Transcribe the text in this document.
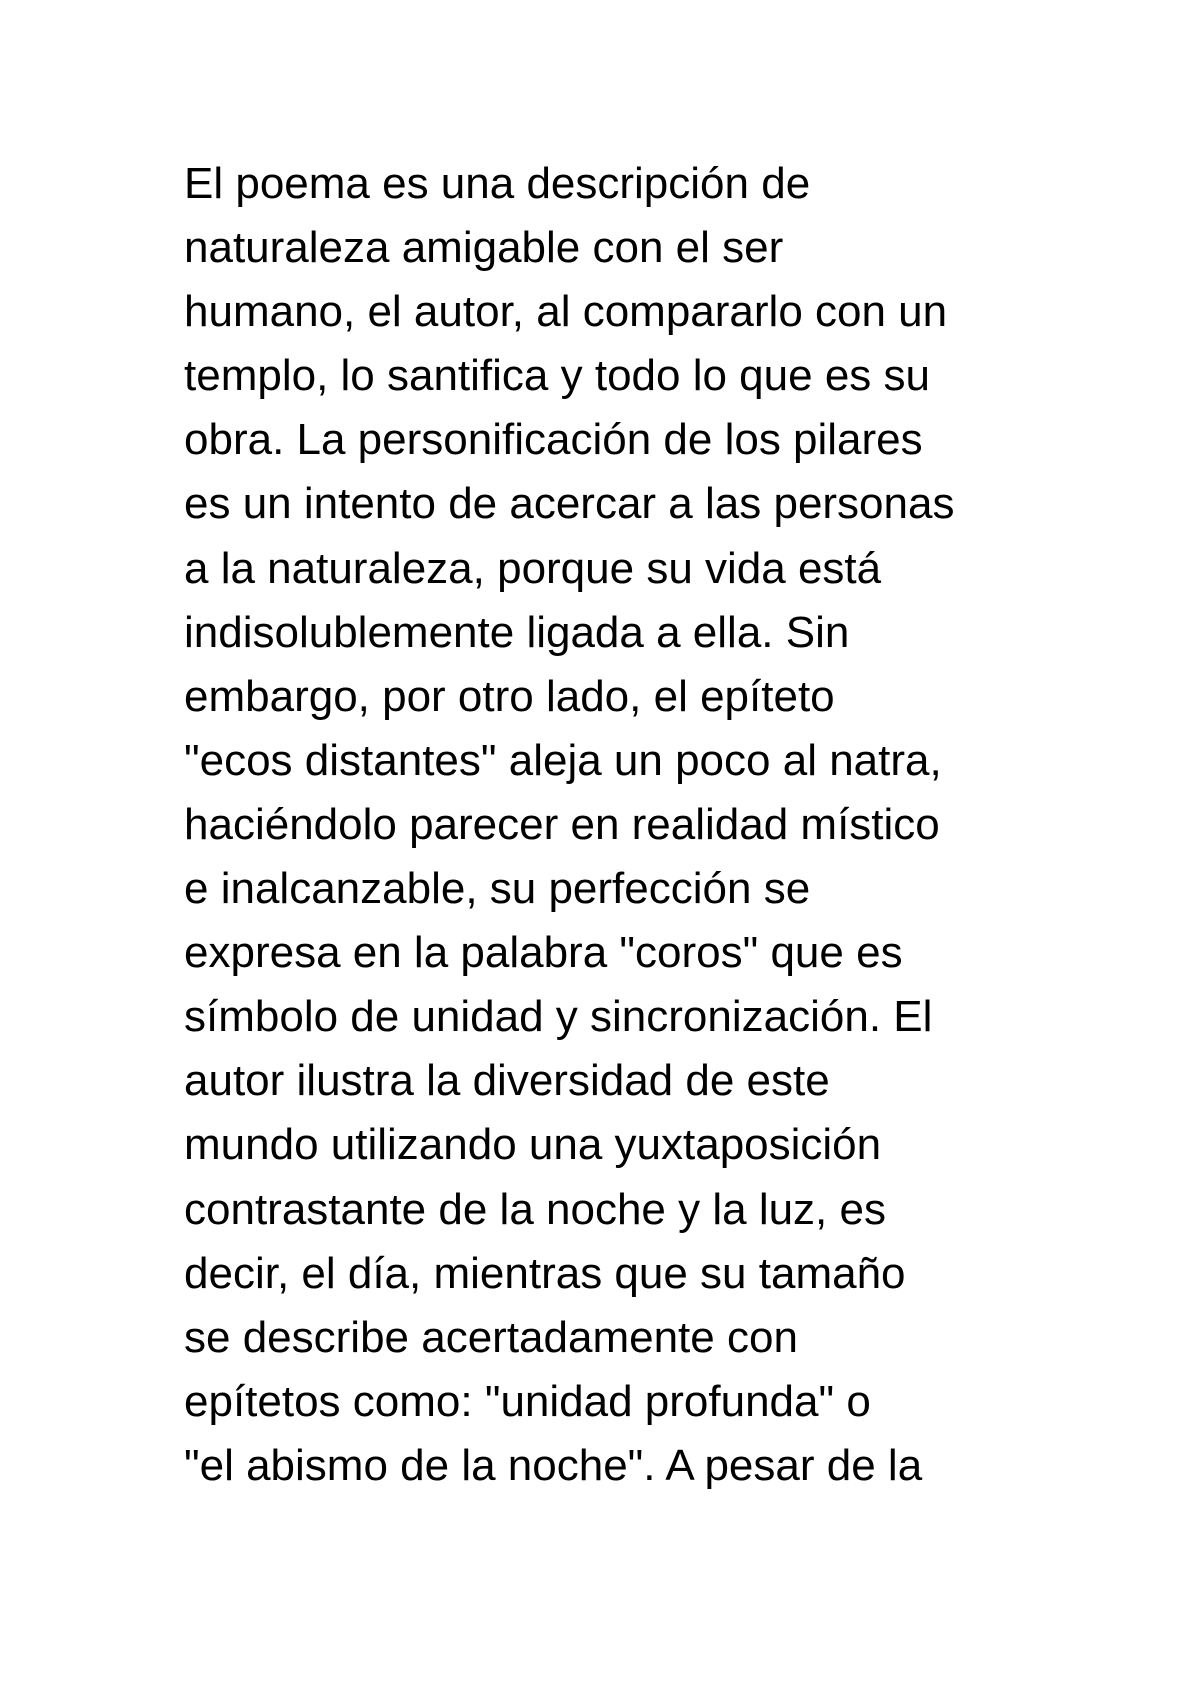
El poema es una descripción de
naturaleza amigable con el ser
humano, el autor, al compararlo con un
templo, lo santifica y todo lo que es su
obra. La personificación de los pilares
es un intento de acercar a las personas
a la naturaleza, porque su vida está
indisolublemente ligada a ella. Sin
embargo, por otro lado, el epíteto
"ecos distantes" aleja un poco al natra,
haciéndolo parecer en realidad místico
e inalcanzable, su perfección se
expresa en la palabra "coros" que es
símbolo de unidad y sincronización. El
autor ilustra la diversidad de este
mundo utilizando una yuxtaposición
contrastante de la noche y la luz, es
decir, el día, mientras que su tamaño
se describe acertadamente con
epítetos como: "unidad profunda" o
"el abismo de la noche". A pesar de la
